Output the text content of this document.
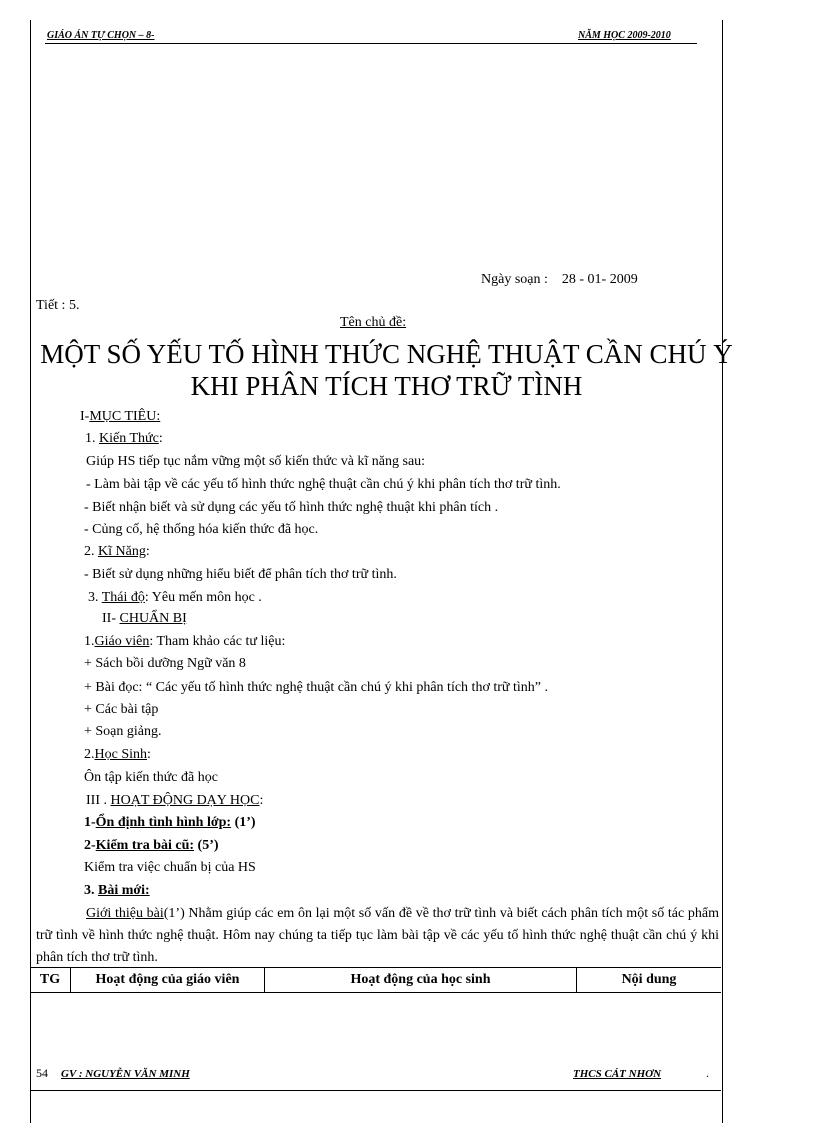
GIÁO ÁN TỰ CHỌN – 8-	NĂM HỌC 2009-2010
Ngày soạn : 28 - 01- 2009
Tiết : 5.
Tên chủ đề:
MỘT SỐ YẾU TỐ HÌNH THỨC NGHỆ THUẬT CẦN CHÚ Ý KHI PHÂN TÍCH THƠ TRỮ TÌNH
I-MỤC TIÊU:
1. Kiến Thức:
Giúp HS tiếp tục nắm vững một số kiến thức và kĩ năng sau:
- Làm bài tập về các yếu tố hình thức nghệ thuật cần chú ý khi phân tích thơ trữ tình.
- Biết nhận biết và sử dụng các yếu tố hình thức nghệ thuật khi phân tích .
- Củng cố, hệ thống hóa kiến thức đã học.
2. Kĩ Năng:
- Biết sử dụng những hiểu biết để phân tích thơ trữ tình.
3. Thái độ: Yêu mến môn học .
II- CHUẨN BỊ
1.Giáo viên: Tham khảo các tư liệu:
+ Sách bồi dưỡng Ngữ văn 8
+ Bài đọc: “ Các yếu tố hình thức nghệ thuật cần chú ý khi phân tích thơ trữ tình” .
+ Các bài tập
+ Soạn giảng.
2.Học Sinh:
Ôn tập kiến thức đã học
III . HOẠT ĐỘNG DẠY HỌC:
1-Ổn định tình hình lớp: (1’)
2-Kiểm tra bài cũ: (5’)
Kiểm tra việc chuẩn bị của HS
3. Bài mới:
Giới thiệu bài(1’) Nhằm giúp các em ôn lại một số vấn đề về thơ trữ tình và biết cách phân tích một số tác phẩm trữ tình về hình thức nghệ thuật. Hôm nay chúng ta tiếp tục làm bài tập về các yếu tố hình thức nghệ thuật cần chú ý khi phân tích thơ trữ tình.
TG	Hoạt động của giáo viên	Hoạt động của học sinh	Nội dung
54 GV : NGUYỄN VĂN MINH	THCS CÁT NHƠN	.
